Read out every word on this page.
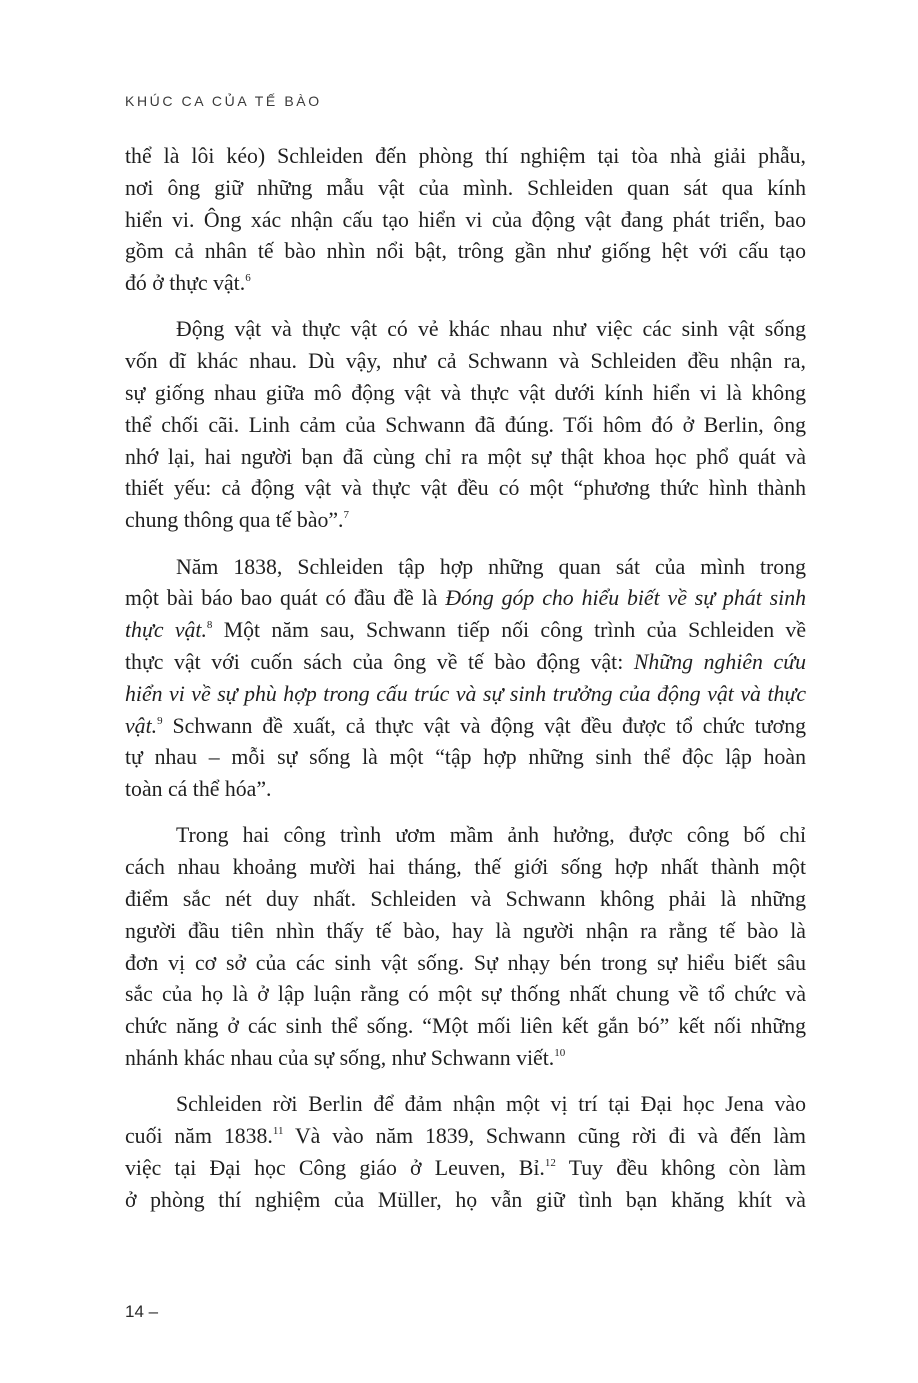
KHÚC CA CỦA TẾ BÀO

thể là lôi kéo) Schleiden đến phòng thí nghiệm tại tòa nhà giải phẫu,
nơi ông giữ những mẫu vật của mình. Schleiden quan sát qua kính
hiển vi. Ông xác nhận cấu tạo hiển vi của động vật đang phát triển, bao
gồm cả nhân tế bào nhìn nổi bật, trông gần như giống hệt với cấu tạo
đó ở thực vật.$^6$

Động vật và thực vật có vẻ khác nhau như việc các sinh vật sống
vốn dĩ khác nhau. Dù vậy, như cả Schwann và Schleiden đều nhận ra,
sự giống nhau giữa mô động vật và thực vật dưới kính hiển vi là không
thể chối cãi. Linh cảm của Schwann đã đúng. Tối hôm đó ở Berlin, ông
nhớ lại, hai người bạn đã cùng chỉ ra một sự thật khoa học phổ quát và
thiết yếu: cả động vật và thực vật đều có một “phương thức hình thành
chung thông qua tế bào”.$^7$

Năm 1838, Schleiden tập hợp những quan sát của mình trong
một bài báo bao quát có đầu đề là Đóng góp cho hiểu biết về sự phát sinh
thực vật.$^8$ Một năm sau, Schwann tiếp nối công trình của Schleiden về
thực vật với cuốn sách của ông về tế bào động vật: Những nghiên cứu
hiển vi về sự phù hợp trong cấu trúc và sự sinh trưởng của động vật và thực
vật.$^9$ Schwann đề xuất, cả thực vật và động vật đều được tổ chức tương
tự nhau – mỗi sự sống là một “tập hợp những sinh thể độc lập hoàn
toàn cá thể hóa”.

Trong hai công trình ươm mầm ảnh hưởng, được công bố chỉ
cách nhau khoảng mười hai tháng, thế giới sống hợp nhất thành một
điểm sắc nét duy nhất. Schleiden và Schwann không phải là những
người đầu tiên nhìn thấy tế bào, hay là người nhận ra rằng tế bào là
đơn vị cơ sở của các sinh vật sống. Sự nhạy bén trong sự hiểu biết sâu
sắc của họ là ở lập luận rằng có một sự thống nhất chung về tổ chức và
chức năng ở các sinh thể sống. “Một mối liên kết gắn bó” kết nối những
nhánh khác nhau của sự sống, như Schwann viết.$^{10}$

Schleiden rời Berlin để đảm nhận một vị trí tại Đại học Jena vào
cuối năm 1838.11 Và vào năm 1839, Schwann cũng rời đi và đến làm
việc tại Đại học Công giáo ở Leuven, Bỉ.$^{12}$ Tuy đều không còn làm
ở phòng thí nghiệm của Müller, họ vẫn giữ tình bạn khăng khít và

14 –
